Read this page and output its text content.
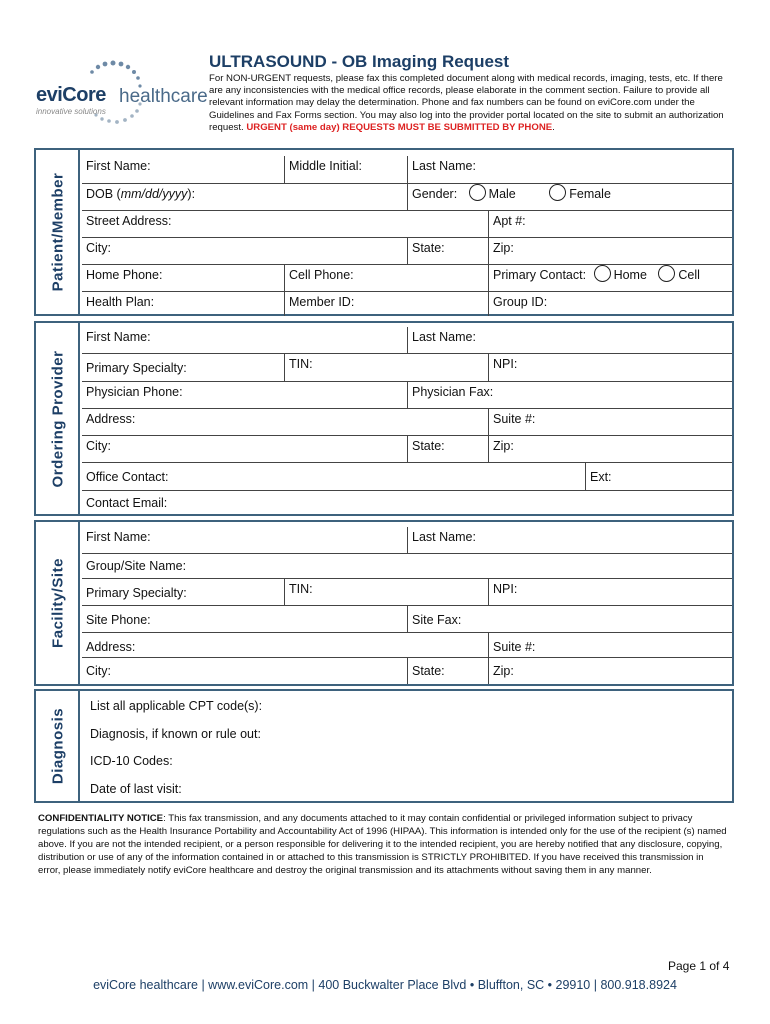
eviCore healthcare
innovative solutions
ULTRASOUND - OB Imaging Request
For NON-URGENT requests, please fax this completed document along with medical records, imaging, tests, etc. If there are any inconsistencies with the medical office records, please elaborate in the comment section. Failure to provide all relevant information may delay the determination. Phone and fax numbers can be found on eviCore.com under the Guidelines and Fax Forms section. You may also log into the provider portal located on the site to submit an authorization request. URGENT (same day) REQUESTS MUST BE SUBMITTED BY PHONE.
Patient/Member
First Name:	Middle Initial:	Last Name:
DOB (mm/dd/yyyy):	Gender:	Male	Female
Street Address:	Apt #:
City:	State:	Zip:
Home Phone:	Cell Phone:	Primary Contact: Home	Cell
Health Plan:	Member ID:	Group ID:
Ordering Provider
First Name:	Last Name:
Primary Specialty:	TIN:	NPI:
Physician Phone:	Physician Fax:
Address:	Suite #:
City:	State:	Zip:
Office Contact:	Ext:
Contact Email:
Facility/Site
First Name:	Last Name:
Group/Site Name:
Primary Specialty:	TIN:	NPI:
Site Phone:	Site Fax:
Address:	Suite #:
City:	State:	Zip:
Diagnosis
List all applicable CPT code(s):
Diagnosis, if known or rule out:
ICD-10 Codes:
Date of last visit:
CONFIDENTIALITY NOTICE: This fax transmission, and any documents attached to it may contain confidential or privileged information subject to privacy regulations such as the Health Insurance Portability and Accountability Act of 1996 (HIPAA). This information is intended only for the use of the recipient (s) named above. If you are not the intended recipient, or a person responsible for delivering it to the intended recipient, you are hereby notified that any disclosure, copying, distribution or use of any of the information contained in or attached to this transmission is STRICTLY PROHIBITED. If you have received this transmission in error, please immediately notify eviCore healthcare and destroy the original transmission and its attachments without saving them in any manner.
Page 1 of 4
eviCore healthcare | www.eviCore.com | 400 Buckwalter Place Blvd • Bluffton, SC • 29910 | 800.918.8924
